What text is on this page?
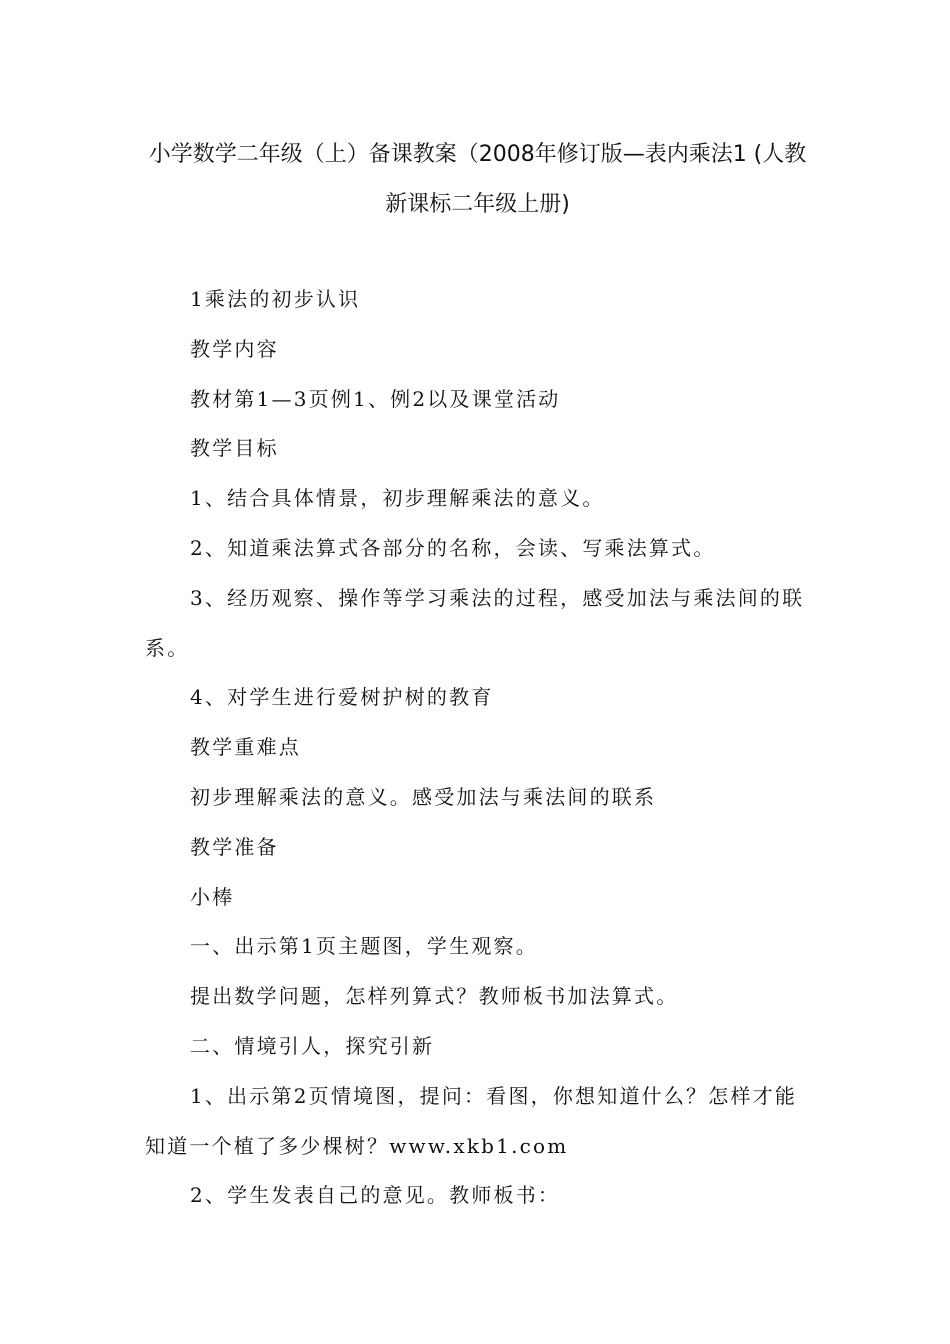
小学数学二年级（上）备课教案（2008年修订版—表内乘法1 (人教新课标二年级上册)

1乘法的初步认识

教学内容

教材第1—3页例1、例2以及课堂活动

教学目标

1、结合具体情景，初步理解乘法的意义。

2、知道乘法算式各部分的名称，会读、写乘法算式。

3、经历观察、操作等学习乘法的过程，感受加法与乘法间的联系。

4、对学生进行爱树护树的教育

教学重难点

初步理解乘法的意义。感受加法与乘法间的联系

教学准备

小棒

一、出示第1页主题图，学生观察。

提出数学问题，怎样列算式？教师板书加法算式。

二、情境引人，探究引新

1、出示第2页情境图，提问：看图，你想知道什么？怎样才能知道一个植了多少棵树？www.xkb1.com

2、学生发表自己的意见。教师板书：
